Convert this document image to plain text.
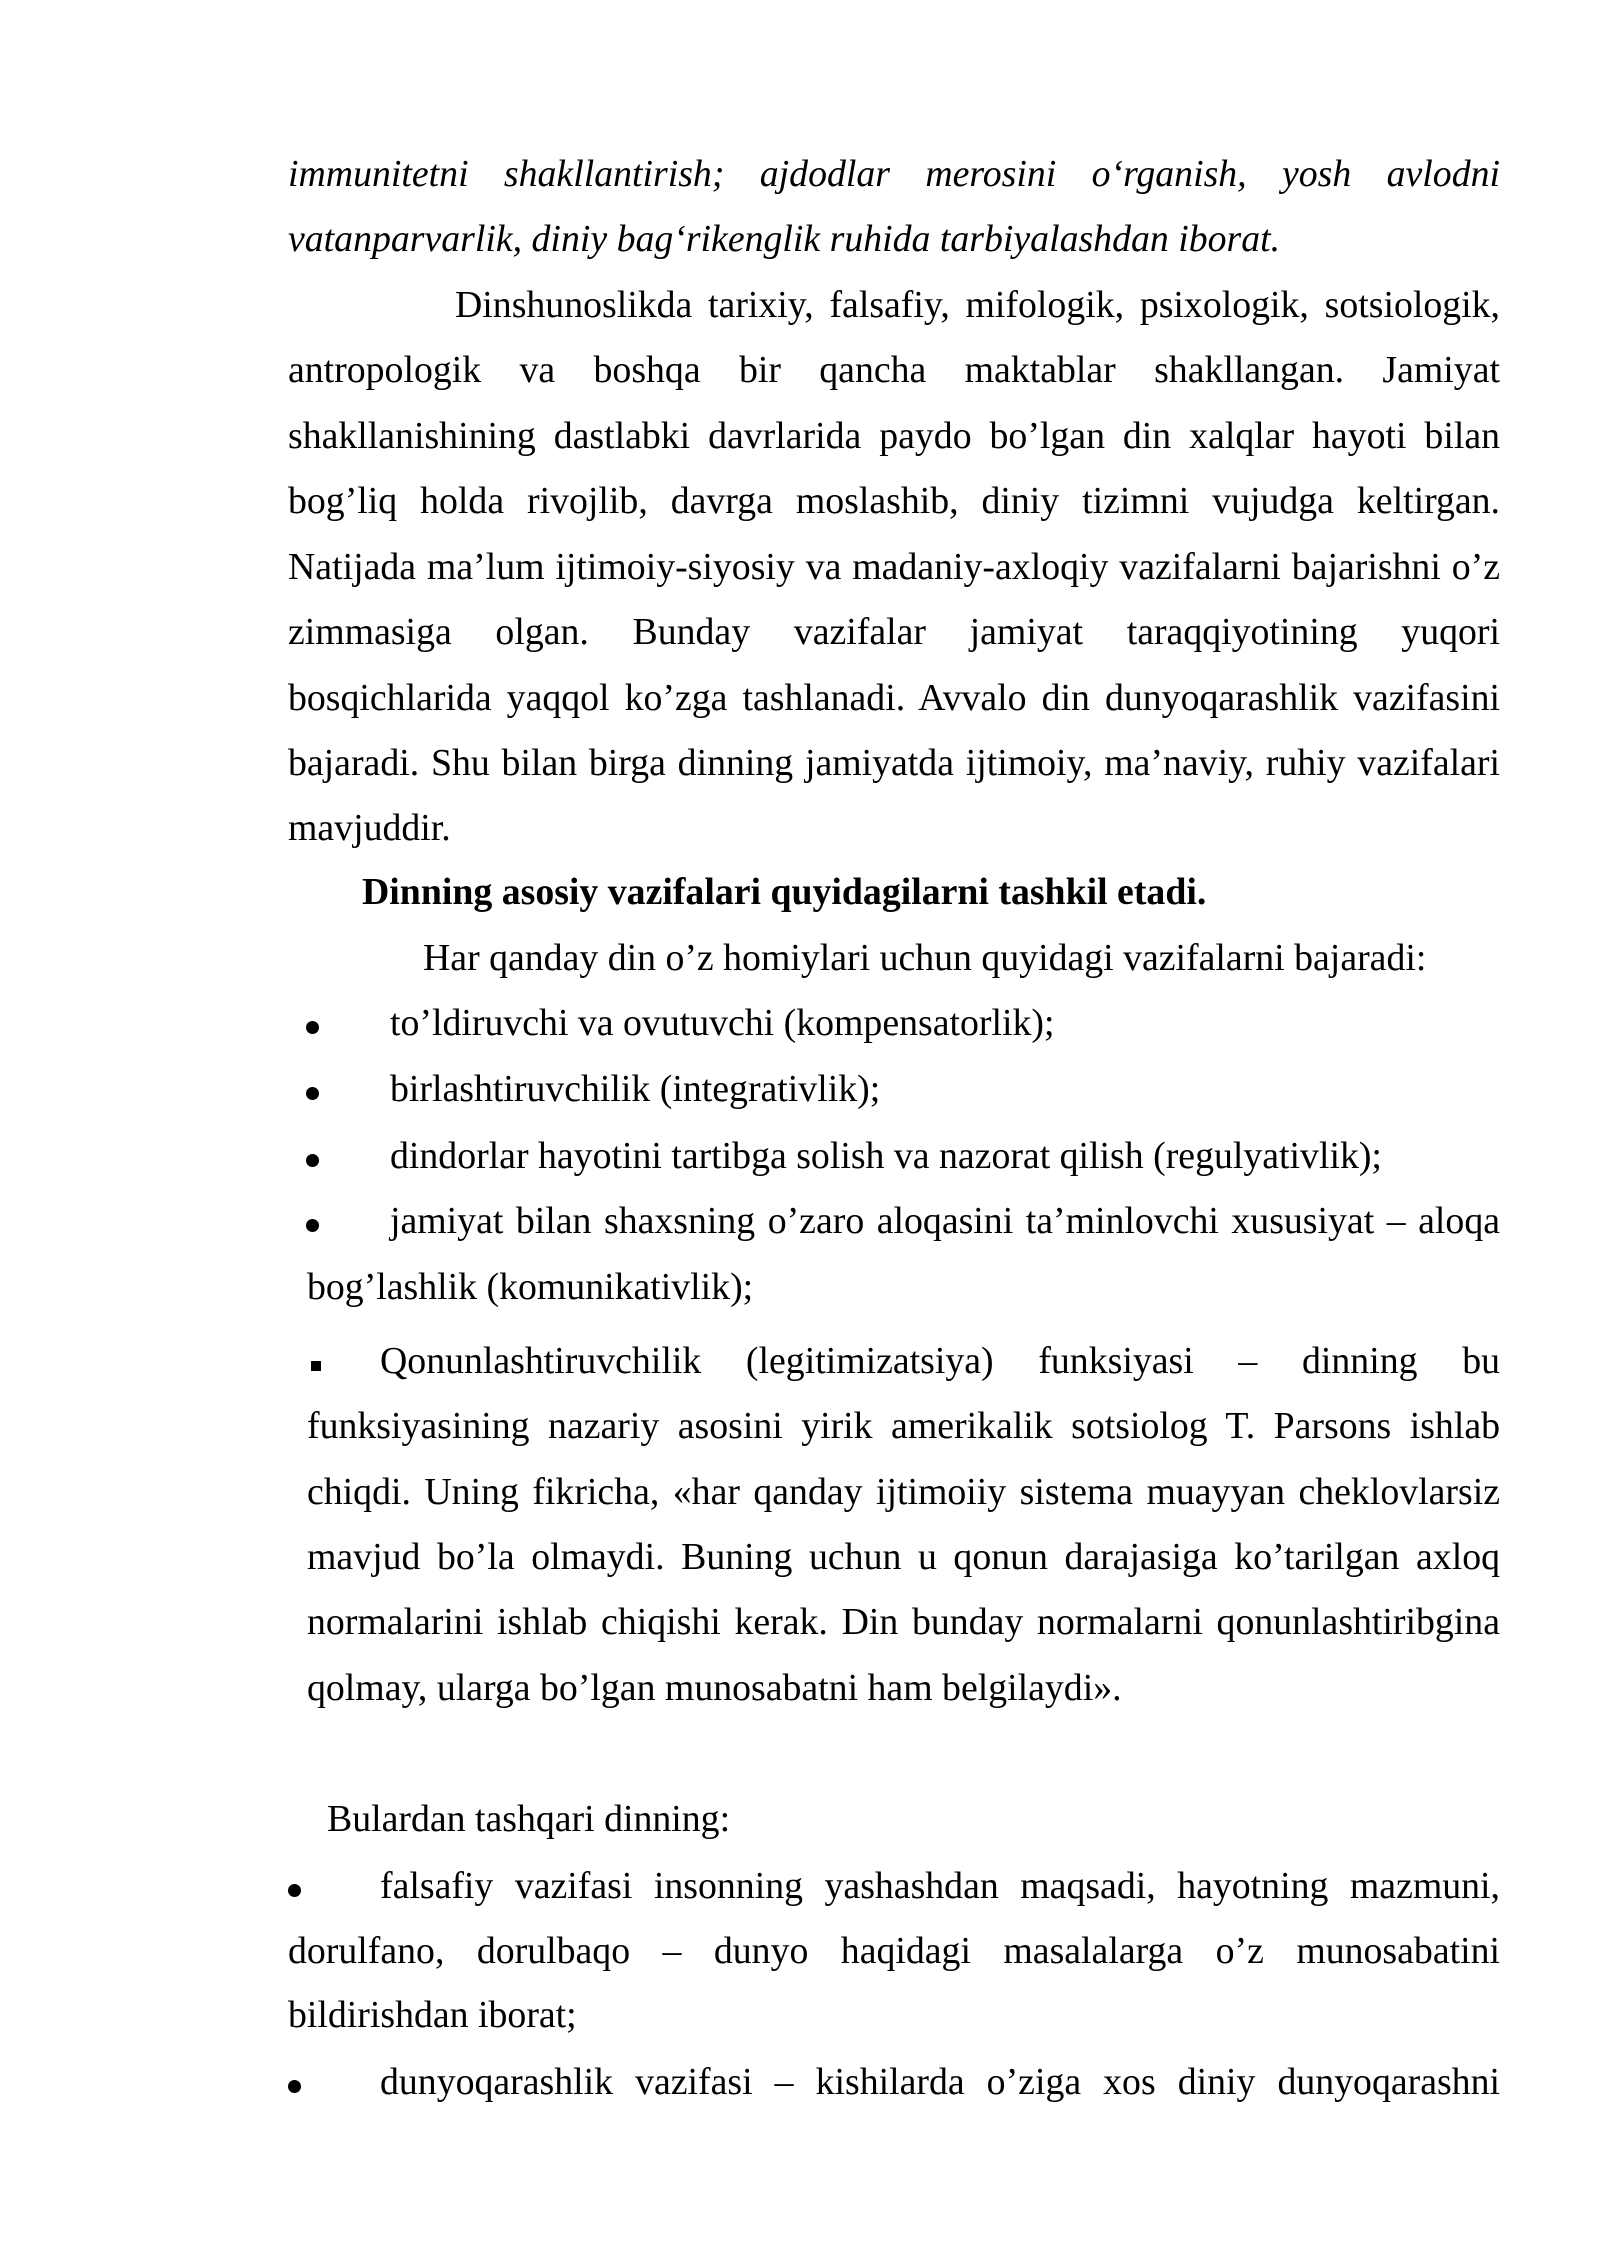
immunitetni shakllantirish; ajdodlar merosini o‘rganish, yosh avlodni
vatanparvarlik, diniy bag‘rikenglik ruhida tarbiyalashdan iborat.
Dinshunoslikda tarixiy, falsafiy, mifologik, psixologik, sotsiologik,
antropologik va boshqa bir qancha maktablar shakllangan. Jamiyat
shakllanishining dastlabki davrlarida paydo bo’lgan din xalqlar hayoti bilan
bog’liq holda rivojlib, davrga moslashib, diniy tizimni vujudga keltirgan.
Natijada ma’lum ijtimoiy-siyosiy va madaniy-axloqiy vazifalarni bajarishni o’z
zimmasiga olgan. Bunday vazifalar jamiyat taraqqiyotining yuqori
bosqichlarida yaqqol ko’zga tashlanadi. Avvalo din dunyoqarashlik vazifasini
bajaradi. Shu bilan birga dinning jamiyatda ijtimoiy, ma’naviy, ruhiy vazifalari
mavjuddir.
Dinning asosiy vazifalari quyidagilarni tashkil etadi.
Har qanday din o’z homiylari uchun quyidagi vazifalarni bajaradi:
to’ldiruvchi va ovutuvchi (kompensatorlik);
birlashtiruvchilik (integrativlik);
dindorlar hayotini tartibga solish va nazorat qilish (regulyativlik);
jamiyat bilan shaxsning o’zaro aloqasini ta’minlovchi xususiyat – aloqa
bog’lashlik (komunikativlik);
Qonunlashtiruvchilik (legitimizatsiya) funksiyasi – dinning bu
funksiyasining nazariy asosini yirik amerikalik sotsiolog T. Parsons ishlab
chiqdi. Uning fikricha, «har qanday ijtimoiiy sistema muayyan cheklovlarsiz
mavjud bo’la olmaydi. Buning uchun u qonun darajasiga ko’tarilgan axloq
normalarini ishlab chiqishi kerak. Din bunday normalarni qonunlashtiribgina
qolmay, ularga bo’lgan munosabatni ham belgilaydi».
Bulardan tashqari dinning:
falsafiy vazifasi insonning yashashdan maqsadi, hayotning mazmuni,
dorulfano, dorulbaqo – dunyo haqidagi masalalarga o’z munosabatini
bildirishdan iborat;
dunyoqarashlik vazifasi – kishilarda o’ziga xos diniy dunyoqarashni
